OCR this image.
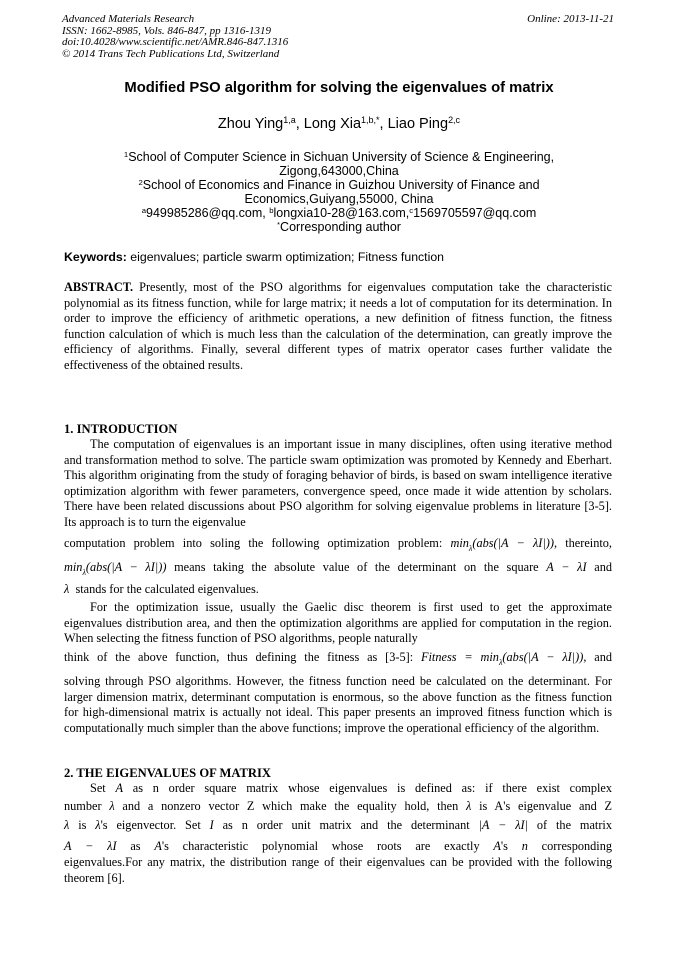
Advanced Materials Research
ISSN: 1662-8985, Vols. 846-847, pp 1316-1319
doi:10.4028/www.scientific.net/AMR.846-847.1316
© 2014 Trans Tech Publications Ltd, Switzerland
Online: 2013-11-21
Modified PSO algorithm for solving the eigenvalues of matrix
Zhou Ying$^{1,a}$, Long Xia$^{1,b,*}$, Liao Ping$^{2,c}$
$^1$School of Computer Science in Sichuan University of Science & Engineering,
Zigong,643000,China
$^2$School of Economics and Finance in Guizhou University of Finance and
Economics,Guiyang,55000, China
$^a$949985286@qq.com, $^b$longxia10-28@163.com,$^c$1569705597@qq.com
*Corresponding author
Keywords: eigenvalues; particle swarm optimization; Fitness function
ABSTRACT. Presently, most of the PSO algorithms for eigenvalues computation take the characteristic polynomial as its fitness function, while for large matrix; it needs a lot of computation for its determination. In order to improve the efficiency of arithmetic operations, a new definition of fitness function, the fitness function calculation of which is much less than the calculation of the determination, can greatly improve the efficiency of algorithms. Finally, several different types of matrix operator cases further validate the effectiveness of the obtained results.
1. INTRODUCTION
The computation of eigenvalues is an important issue in many disciplines, often using iterative method and transformation method to solve. The particle swam optimization was promoted by Kennedy and Eberhart. This algorithm originating from the study of foraging behavior of birds, is based on swam intelligence iterative optimization algorithm with fewer parameters, convergence speed, once made it wide attention by scholars. There have been related discussions about PSO algorithm for solving eigenvalue problems in literature [3-5]. Its approach is to turn the eigenvalue
computation problem into soling the following optimization problem: $\min_\lambda(abs(|A - \lambda I|))$, thereinto,
$\min_\lambda(abs(|A - \lambda I|))$ means taking the absolute value of the determinant on the square A − λI and
λ stands for the calculated eigenvalues.
For the optimization issue, usually the Gaelic disc theorem is first used to get the approximate eigenvalues distribution area, and then the optimization algorithms are applied for computation in the region. When selecting the fitness function of PSO algorithms, people naturally
think of the above function, thus defining the fitness as [3-5]: Fitness = $\min_\lambda(abs(|A - \lambda I|))$, and
solving through PSO algorithms. However, the fitness function need be calculated on the determinant. For larger dimension matrix, determinant computation is enormous, so the above function as the fitness function for high-dimensional matrix is actually not ideal. This paper presents an improved fitness function which is computationally much simpler than the above functions; improve the operational efficiency of the algorithm.
2. THE EIGENVALUES OF MATRIX
Set A as n order square matrix whose eigenvalues is defined as: if there exist complex
number λ and a nonzero vector Z which make the equality hold, then λ is A's eigenvalue and Z
λ is λ's eigenvector. Set I as n order unit matrix and the determinant |A − λI| of the matrix
A − λI as A's characteristic polynomial whose roots are exactly A's n corresponding
eigenvalues.For any matrix, the distribution range of their eigenvalues can be provided with the following theorem [6].
